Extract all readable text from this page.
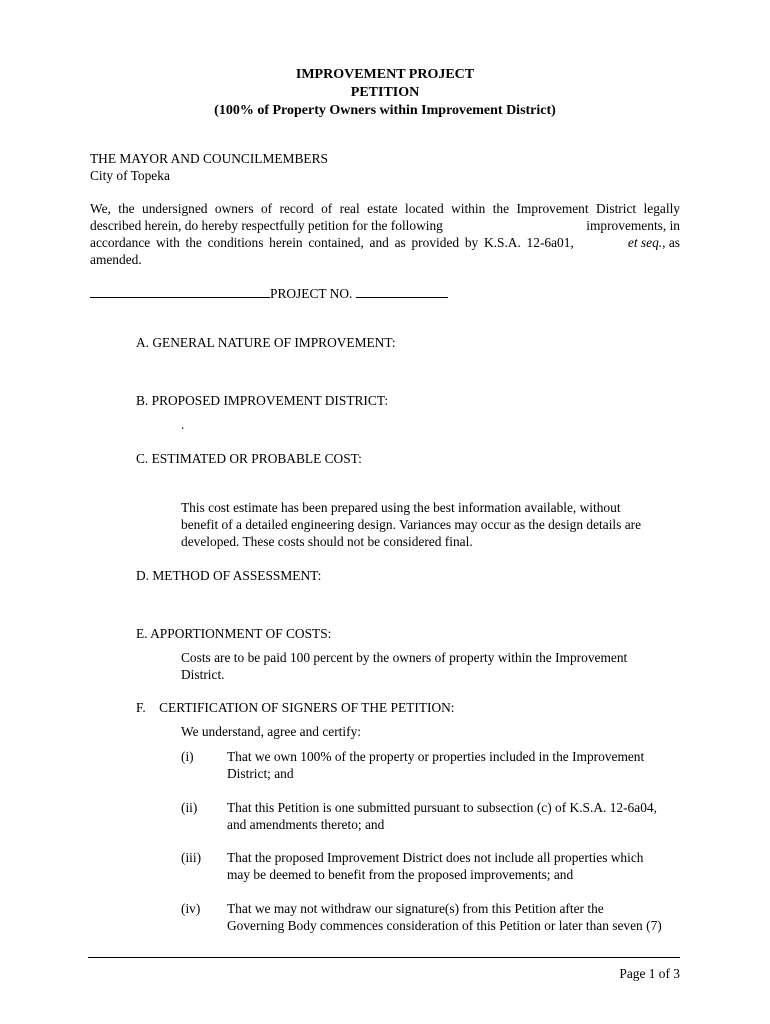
IMPROVEMENT PROJECT
PETITION
(100% of Property Owners within Improvement District)
THE MAYOR AND COUNCILMEMBERS
City of Topeka
We, the undersigned owners of record of real estate located within the Improvement District legally
described herein, do hereby respectfully petition for the following	improvements, in
accordance with the conditions herein contained, and as provided by K.S.A. 12-6a01,	et seq., as
amended.
PROJECT NO.
A. GENERAL NATURE OF IMPROVEMENT:
B. PROPOSED IMPROVEMENT DISTRICT:
.
C. ESTIMATED OR PROBABLE COST:
This cost estimate has been prepared using the best information available, without
benefit of a detailed engineering design. Variances may occur as the design details are
developed. These costs should not be considered final.
D. METHOD OF ASSESSMENT:
E. APPORTIONMENT OF COSTS:
Costs are to be paid 100 percent by the owners of property within the Improvement
District.
F.    CERTIFICATION OF SIGNERS OF THE PETITION:
We understand, agree and certify:
(i) That we own 100% of the property or properties included in the Improvement
District; and
(ii) That this Petition is one submitted pursuant to subsection (c) of K.S.A. 12-6a04,
and amendments thereto; and
(iii) That the proposed Improvement District does not include all properties which
may be deemed to benefit from the proposed improvements; and
(iv) That we may not withdraw our signature(s) from this Petition after the
Governing Body commences consideration of this Petition or later than seven (7)
Page 1 of 3
